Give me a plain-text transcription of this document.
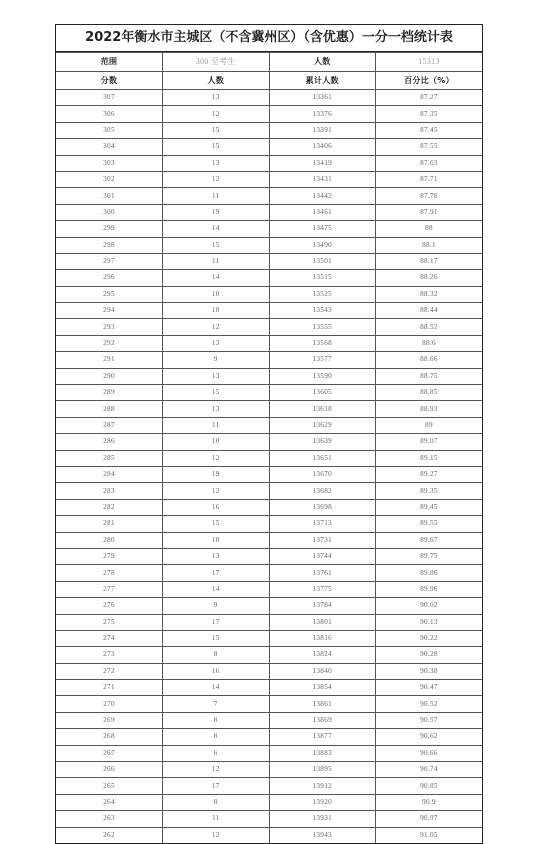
2022年衡水市主城区（不含冀州区）（含优惠）一分一档统计表
范围	300 至考生	人数	15313
分数	人数	累计人数	百分比（%）
307	13	13361	87.27
306	12	13376	87.35
305	15	13391	87.45
304	15	13406	87.55
303	13	13419	87.63
302	12	13431	87.71
301	11	13442	87.78
300	19	13461	87.91
299	14	13475	88
298	15	13490	88.1
297	11	13501	88.17
296	14	13515	88.26
295	10	13525	88.32
294	18	13543	88.44
293	12	13555	88.52
292	13	13568	88.6
291	9	13577	88.66
290	13	13590	88.75
289	15	13605	88.85
288	13	13618	88.93
287	11	13629	89
286	10	13639	89.07
285	12	13651	89.15
284	19	13670	89.27
283	12	13682	89.35
282	16	13698	89.45
281	15	13713	89.55
280	18	13731	89.67
279	13	13744	89.75
278	17	13761	89.86
277	14	13775	89.96
276	9	13784	90.02
275	17	13801	90.13
274	15	13816	90.22
273	8	13824	90.28
272	16	13840	90.38
271	14	13854	90.47
270	7	13861	90.52
269	8	13869	90.57
268	8	13877	90.62
267	6	13883	90.66
266	12	13895	90.74
265	17	13912	90.85
264	8	13920	90.9
263	11	13931	90.97
262	12	13943	91.05
